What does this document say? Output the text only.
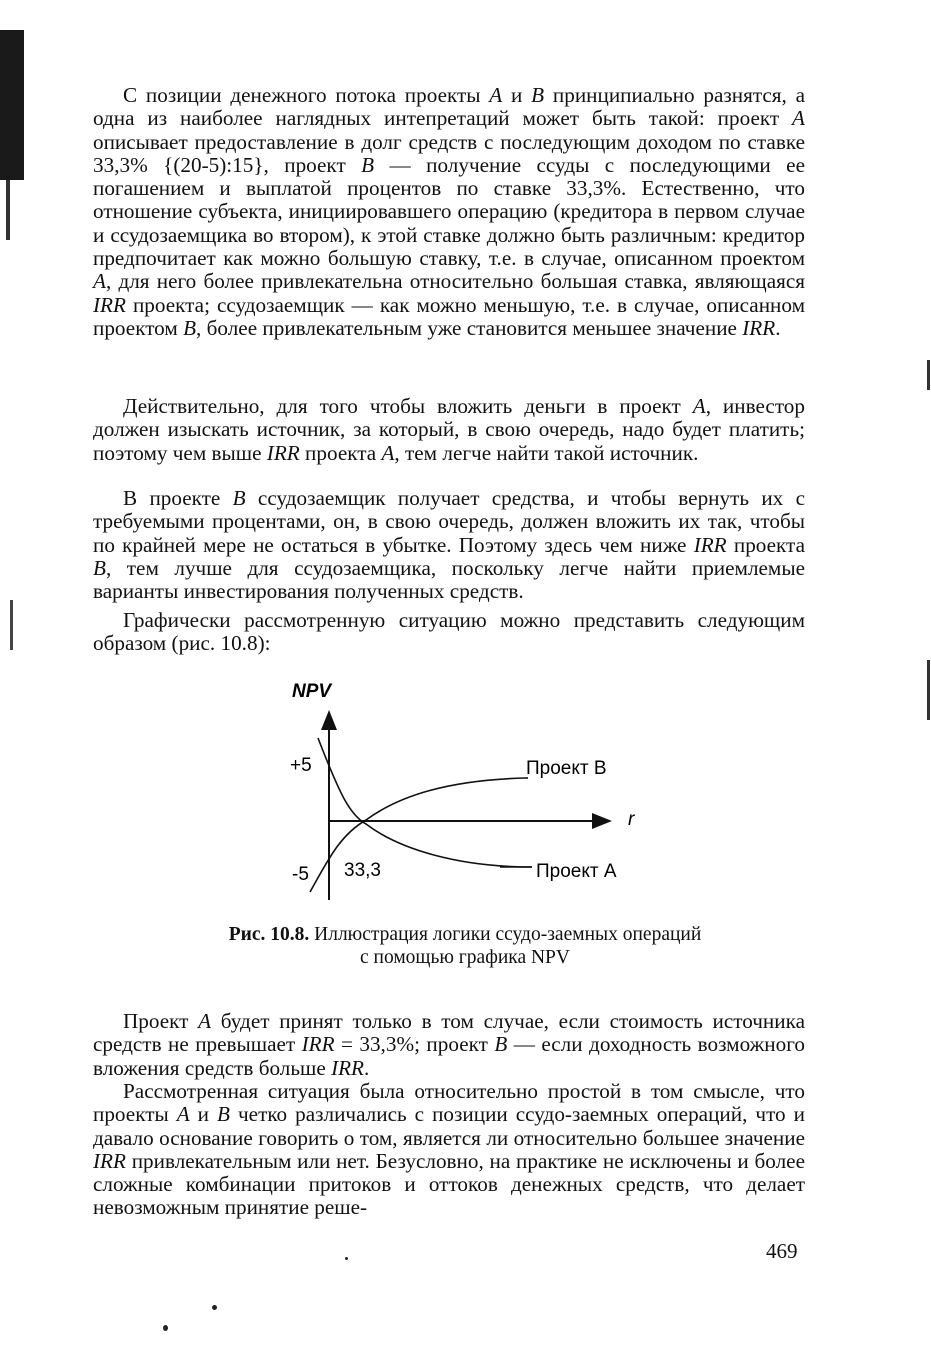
С позиции денежного потока проекты A и B принципиально разнятся, а одна из наиболее наглядных интепретаций может быть такой: проект A описывает предоставление в долг средств с последующим доходом по ставке 33,3% {(20-5):15}, проект B — получение ссуды с последующими ее погашением и выплатой процентов по ставке 33,3%. Естественно, что отношение субъекта, инициировавшего операцию (кредитора в первом случае и ссудозаемщика во втором), к этой ставке должно быть различным: кредитор предпочитает как можно большую ставку, т.е. в случае, описанном проектом A, для него более привлекательна относительно большая ставка, являющаяся IRR проекта; ссудозаемщик — как можно меньшую, т.е. в случае, описанном проектом B, более привлекательным уже становится меньшее значение IRR.

Действительно, для того чтобы вложить деньги в проект A, инвестор должен изыскать источник, за который, в свою очередь, надо будет платить; поэтому чем выше IRR проекта A, тем легче найти такой источник.

В проекте B ссудозаемщик получает средства, и чтобы вернуть их с требуемыми процентами, он, в свою очередь, должен вложить их так, чтобы по крайней мере не остаться в убытке. Поэтому здесь чем ниже IRR проекта B, тем лучше для ссудозаемщика, поскольку легче найти приемлемые варианты инвестирования полученных средств.

Графически рассмотренную ситуацию можно представить следующим образом (рис. 10.8):

NPV
r
+5
-5 33,3
Проект B
Проект A
Рис. 10.8. Иллюстрация логики ссудо-заемных операций
с помощью графика NPV

Проект A будет принят только в том случае, если стоимость источника средств не превышает IRR = 33,3%; проект B — если доходность возможного вложения средств больше IRR.

Рассмотренная ситуация была относительно простой в том смысле, что проекты A и B четко различались с позиции ссудо-заемных операций, что и давало основание говорить о том, является ли относительно большее значение IRR привлекательным или нет. Безусловно, на практике не исключены и более сложные комбинации притоков и оттоков денежных средств, что делает невозможным принятие реше-

469
